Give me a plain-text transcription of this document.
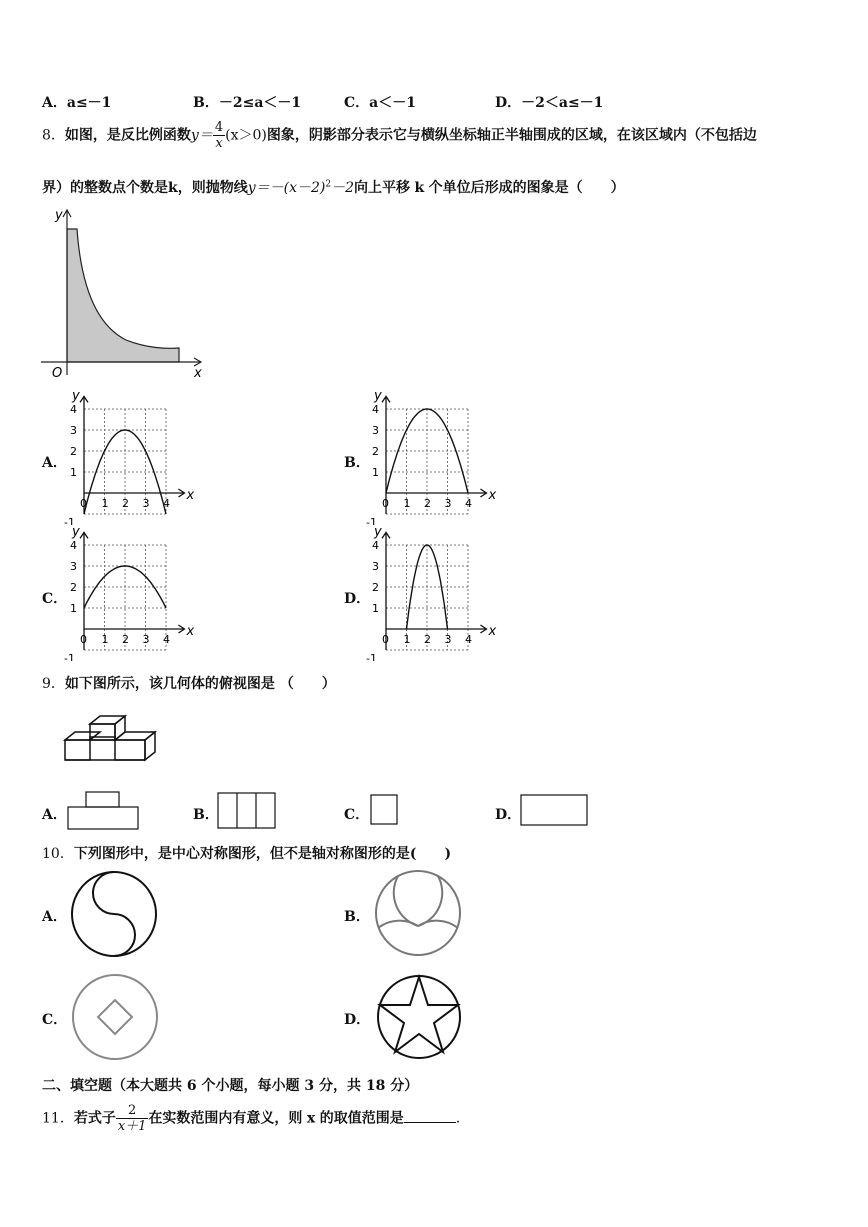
A．a≤－1	B．－2≤a＜－1	C．a＜－1	D．－2＜a≤－1
8．如图，是反比例函数$y= \frac{4}{x} (x>0)$图象，阴影部分表示它与横纵坐标轴正半轴围成的区域，在该区域内（不包括边
界）的整数点个数是k，则抛物线$y=-(x-2)^2-2$向上平移 k 个单位后形成的图象是（　　）
y
x
O
A．	B．
C．	D．
0 1 2 3 4
4
3
2
1
-1
x
y
0 1 2 3 4
4
3
2
1
-1
x
y
0 1 2 3 4
4
3
2
1
-1
x
y
0 1 2 3 4
4
3
2
1
-1
x
y
9．如下图所示，该几何体的俯视图是 （　　）
A．	B．	C．	D．
10．下列图形中，是中心对称图形，但不是轴对称图形的是(　　)
A．	B．
C．	D．
二、填空题（本大题共 6 个小题，每小题 3 分，共 18 分）
11．若式子 $\frac{2}{x+1}$ 在实数范围内有意义，则 x 的取值范围是	.
